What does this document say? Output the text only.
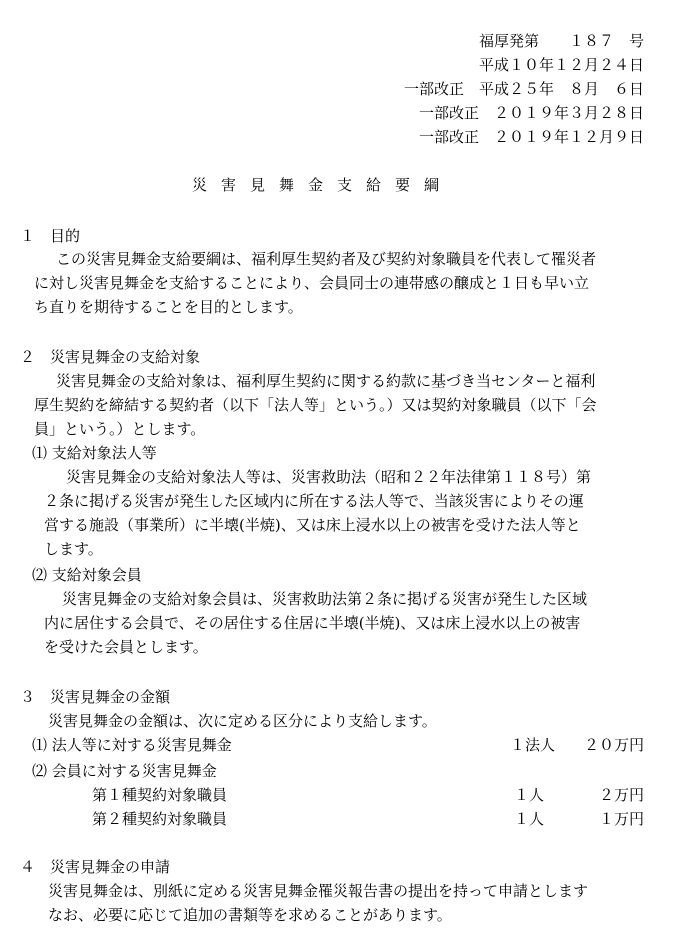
福厚発第　　１８７　号
平成１０年１２月２４日
一部改正　平成２５年　８月　６日
一部改正　２０１９年３月２８日
一部改正　２０１９年１２月９日
災害見舞金支給要綱
１　目的
この災害見舞金支給要綱は、福利厚生契約者及び契約対象職員を代表して罹災者
に対し災害見舞金を支給することにより、会員同士の連帯感の醸成と１日も早い立
ち直りを期待することを目的とします。
２　災害見舞金の支給対象
災害見舞金の支給対象は、福利厚生契約に関する約款に基づき当センターと福利
厚生契約を締結する契約者（以下「法人等」という。）又は契約対象職員（以下「会
員」という。）とします。
⑴ 支給対象法人等
災害見舞金の支給対象法人等は、災害救助法（昭和２２年法律第１１８号）第
２条に掲げる災害が発生した区域内に所在する法人等で、当該災害によりその運
営する施設（事業所）に半壊(半焼)、又は床上浸水以上の被害を受けた法人等と
します。
⑵ 支給対象会員
災害見舞金の支給対象会員は、災害救助法第２条に掲げる災害が発生した区域
内に居住する会員で、その居住する住居に半壊(半焼)、又は床上浸水以上の被害
を受けた会員とします。
３　災害見舞金の金額
災害見舞金の金額は、次に定める区分により支給します。
⑴ 法人等に対する災害見舞金	１法人 ２０万円
⑵ 会員に対する災害見舞金
第１種契約対象職員	１人	２万円
第２種契約対象職員	１人	１万円
４　災害見舞金の申請
災害見舞金は、別紙に定める災害見舞金罹災報告書の提出を持って申請とします
なお、必要に応じて追加の書類等を求めることがあります。
